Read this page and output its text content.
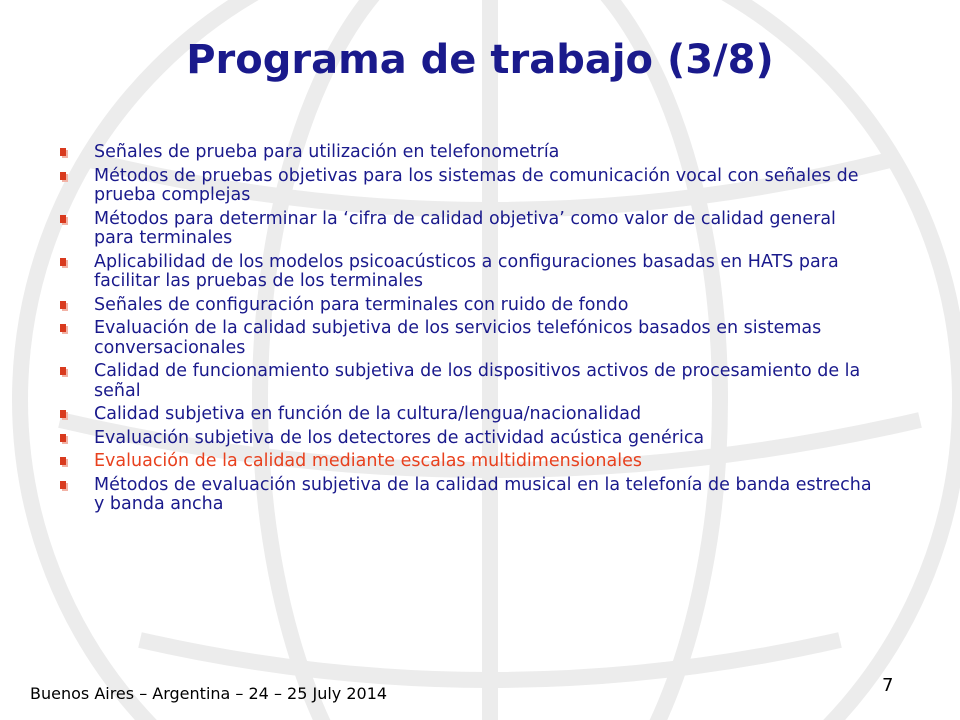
Programa de trabajo (3/8)
Señales de prueba para utilización en telefonometría
Métodos de pruebas objetivas para los sistemas de comunicación vocal con señales de prueba complejas
Métodos para determinar la ‘cifra de calidad objetiva’ como valor de calidad general para terminales
Aplicabilidad de los modelos psicoacústicos a configuraciones basadas en HATS para facilitar las pruebas de los terminales
Señales de configuración para terminales con ruido de fondo
Evaluación de la calidad subjetiva de los servicios telefónicos basados en sistemas conversacionales
Calidad de funcionamiento subjetiva de los dispositivos activos de procesamiento de la señal
Calidad subjetiva en función de la cultura/lengua/nacionalidad
Evaluación subjetiva de los detectores de actividad acústica genérica
Evaluación de la calidad mediante escalas multidimensionales
Métodos de evaluación subjetiva de la calidad musical en la telefonía de banda estrecha y banda ancha
Buenos Aires – Argentina – 24 – 25 July 2014	7
